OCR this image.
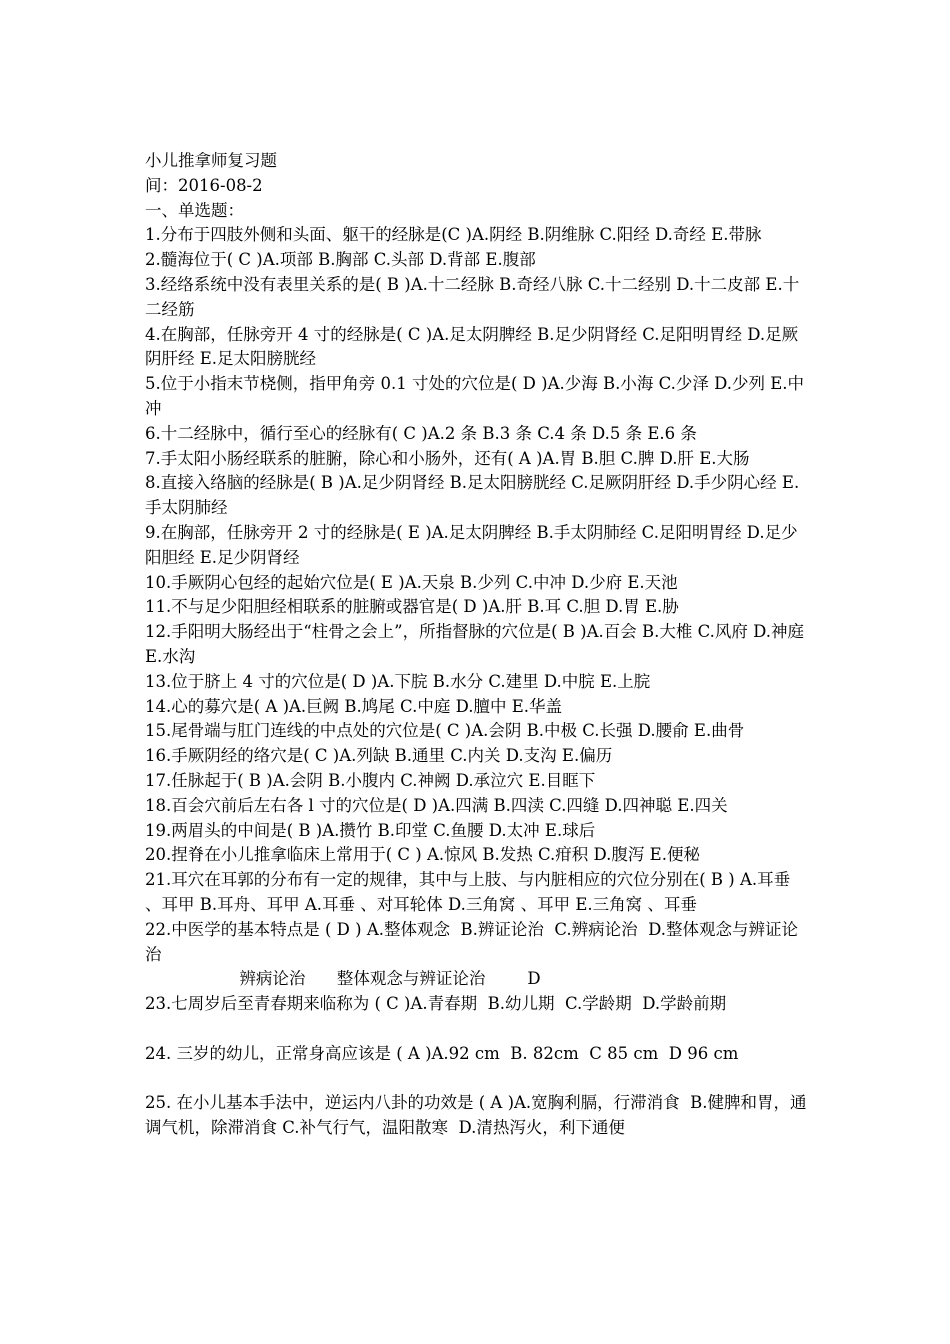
小儿推拿师复习题

间：2016-08-2

一、单选题：

1.分布于四肢外侧和头面、躯干的经脉是(C )A.阴经 B.阴维脉 C.阳经 D.奇经 E.带脉

2.髓海位于( C )A.项部 B.胸部 C.头部 D.背部 E.腹部

3.经络系统中没有表里关系的是( B )A.十二经脉 B.奇经八脉 C.十二经别 D.十二皮部 E.十二经筋

4.在胸部，任脉旁开 4 寸的经脉是( C )A.足太阴脾经 B.足少阴肾经 C.足阳明胃经 D.足厥阴肝经 E.足太阳膀胱经

5.位于小指末节桡侧，指甲角旁 0.1 寸处的穴位是( D )A.少海 B.小海 C.少泽 D.少列 E.中冲

6.十二经脉中，循行至心的经脉有( C )A.2 条 B.3 条 C.4 条 D.5 条 E.6 条

7.手太阳小肠经联系的脏腑，除心和小肠外，还有( A )A.胃 B.胆 C.脾 D.肝 E.大肠

8.直接入络脑的经脉是( B )A.足少阴肾经 B.足太阳膀胱经 C.足厥阴肝经 D.手少阴心经 E.手太阴肺经

9.在胸部，任脉旁开 2 寸的经脉是( E )A.足太阴脾经 B.手太阴肺经 C.足阳明胃经 D.足少阳胆经 E.足少阴肾经

10.手厥阴心包经的起始穴位是( E )A.天泉 B.少列 C.中冲 D.少府 E.天池

11.不与足少阳胆经相联系的脏腑或器官是( D )A.肝 B.耳 C.胆 D.胃 E.胁

12.手阳明大肠经出于“柱骨之会上”，所指督脉的穴位是( B )A.百会 B.大椎 C.风府 D.神庭 E.水沟

13.位于脐上 4 寸的穴位是( D )A.下脘 B.水分 C.建里 D.中脘 E.上脘

14.心的募穴是( A )A.巨阙 B.鸠尾 C.中庭 D.膻中 E.华盖

15.尾骨端与肛门连线的中点处的穴位是( C )A.会阴 B.中极 C.长强 D.腰俞 E.曲骨

16.手厥阴经的络穴是( C )A.列缺 B.通里 C.内关 D.支沟 E.偏历

17.任脉起于( B )A.会阴 B.小腹内 C.神阙 D.承泣穴 E.目眶下

18.百会穴前后左右各 l 寸的穴位是( D )A.四满 B.四渎 C.四缝 D.四神聪 E.四关

19.两眉头的中间是( B )A.攒竹 B.印堂 C.鱼腰 D.太冲 E.球后

20.捏脊在小儿推拿临床上常用于( C ) A.惊风 B.发热 C.疳积 D.腹泻 E.便秘

21.耳穴在耳郭的分布有一定的规律，其中与上肢、与内脏相应的穴位分别在( B ) A.耳垂 、耳甲 B.耳舟、耳甲 A.耳垂 、对耳轮体 D.三角窝 、耳甲 E.三角窝 、耳垂

22.中医学的基本特点是 ( D ) A.整体观念  B.辨证论治  C.辨病论治  D.整体观念与辨证论治

辨病论治      整体观念与辨证论治        D

23.七周岁后至青春期来临称为 ( C )A.青春期  B.幼儿期  C.学龄期  D.学龄前期

24. 三岁的幼儿，正常身高应该是 ( A )A.92 cm  B. 82cm  C 85 cm  D 96 cm

25. 在小儿基本手法中，逆运内八卦的功效是 ( A )A.宽胸利膈，行滞消食  B.健脾和胃，通调气机，除滞消食 C.补气行气，温阳散寒  D.清热泻火，利下通便
